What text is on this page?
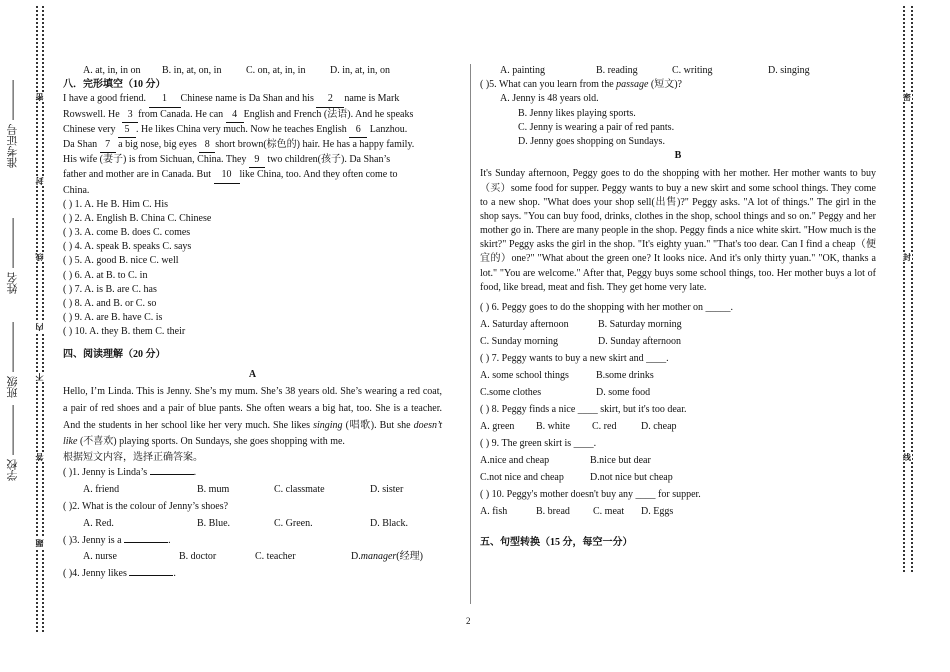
学校
班级
姓名
准考证号
密
封
线
内
不
答
题
密
封
线
A. at, in, in on	B. in, at, on, in	C. on, at, in, in	D. in, at, in, on
八．完形填空（10 分）
I have a good friend. 1 Chinese name is Da Shan and his 2 name is Mark
Rowswell. He 3 from Canada. He can 4 English and French (法语). And he speaks
Chinese very 5 . He likes China very much. Now he teaches English 6 Lanzhou.
Da Shan 7 a big nose, big eyes 8 short brown(棕色的) hair. He has a happy family.
His wife (妻子) is from Sichuan, China. They 9 two children(孩子). Da Shan’s
father and mother are in Canada. But 10 like China, too. And they often come to
China.
( ) 1. A. He B. Him C. His
( ) 2. A. English B. China C. Chinese
( ) 3. A. come B. does C. comes
( ) 4. A. speak B. speaks C. says
( ) 5. A. good B. nice C. well
( ) 6. A. at B. to C. in
( ) 7. A. is B. are C. has
( ) 8. A. and B. or C. so
( ) 9. A. are B. have C. is
( ) 10. A. they B. them C. their
四、阅读理解（20 分）
A
Hello, I’m Linda. This is Jenny. She’s my mum. She’s 38 years old. She’s wearing a red coat, a pair of red shoes and a pair of blue pants. She often wears a big hat, too. She is a teacher. And the students in her school like her very much. She likes singing (唱歌). But she doesn’t like (不喜欢) playing sports. On Sundays, she goes shopping with me.
根据短文内容，选择正确答案。
( )1. Jenny is Linda’s	.
A. friend	B. mum	C. classmate	D. sister
( )2. What is the colour of Jenny’s shoes?
A. Red.	B. Blue.	C. Green.	D. Black.
( )3. Jenny is a	.
A. nurse	B. doctor	C. teacher	D.manager(经理)
( )4. Jenny likes	.
A. painting	B. reading	C. writing	D. singing
( )5. What can you learn from the passage (短文)?
A. Jenny is 48 years old.
B. Jenny likes playing sports.
C. Jenny is wearing a pair of red pants.
D. Jenny goes shopping on Sundays.
B
It's Sunday afternoon, Peggy goes to do the shopping with her mother. Her mother wants to buy（买）some food for supper. Peggy wants to buy a new skirt and some school things. They come to a new shop. "What does your shop sell(出售)?" Peggy asks. "A lot of things." The girl in the shop says. "You can buy food, drinks, clothes in the shop, school things and so on." Peggy and her mother go in. There are many people in the shop. Peggy finds a nice white skirt. "How much is the skirt?" Peggy asks the girl in the shop. "It's eighty yuan." "That's too dear. Can I find a cheap（便宜的）one?" "What about the green one? It looks nice. And it's only thirty yuan." "OK, thanks a lot." "You are welcome." After that, Peggy buys some school things, too. Her mother buys a lot of food, like bread, meat and fish. They get home very late.
( ) 6. Peggy goes to do the shopping with her mother on _____.
A. Saturday afternoon	B. Saturday morning
C. Sunday morning	D. Sunday afternoon
( ) 7. Peggy wants to buy a new skirt and ____.
A. some school things	B.some drinks
C.some clothes	D. some food
( ) 8. Peggy finds a nice ____ skirt, but it's too dear.
A. green	B. white	C. red	D. cheap
( ) 9. The green skirt is ____.
A.nice and cheap	B.nice but dear
C.not nice and cheap	D.not nice but cheap
( ) 10. Peggy's mother doesn't buy any ____ for supper.
A. fish	B. bread	C. meat	D. Eggs
五、句型转换（15 分，每空一分）
2
